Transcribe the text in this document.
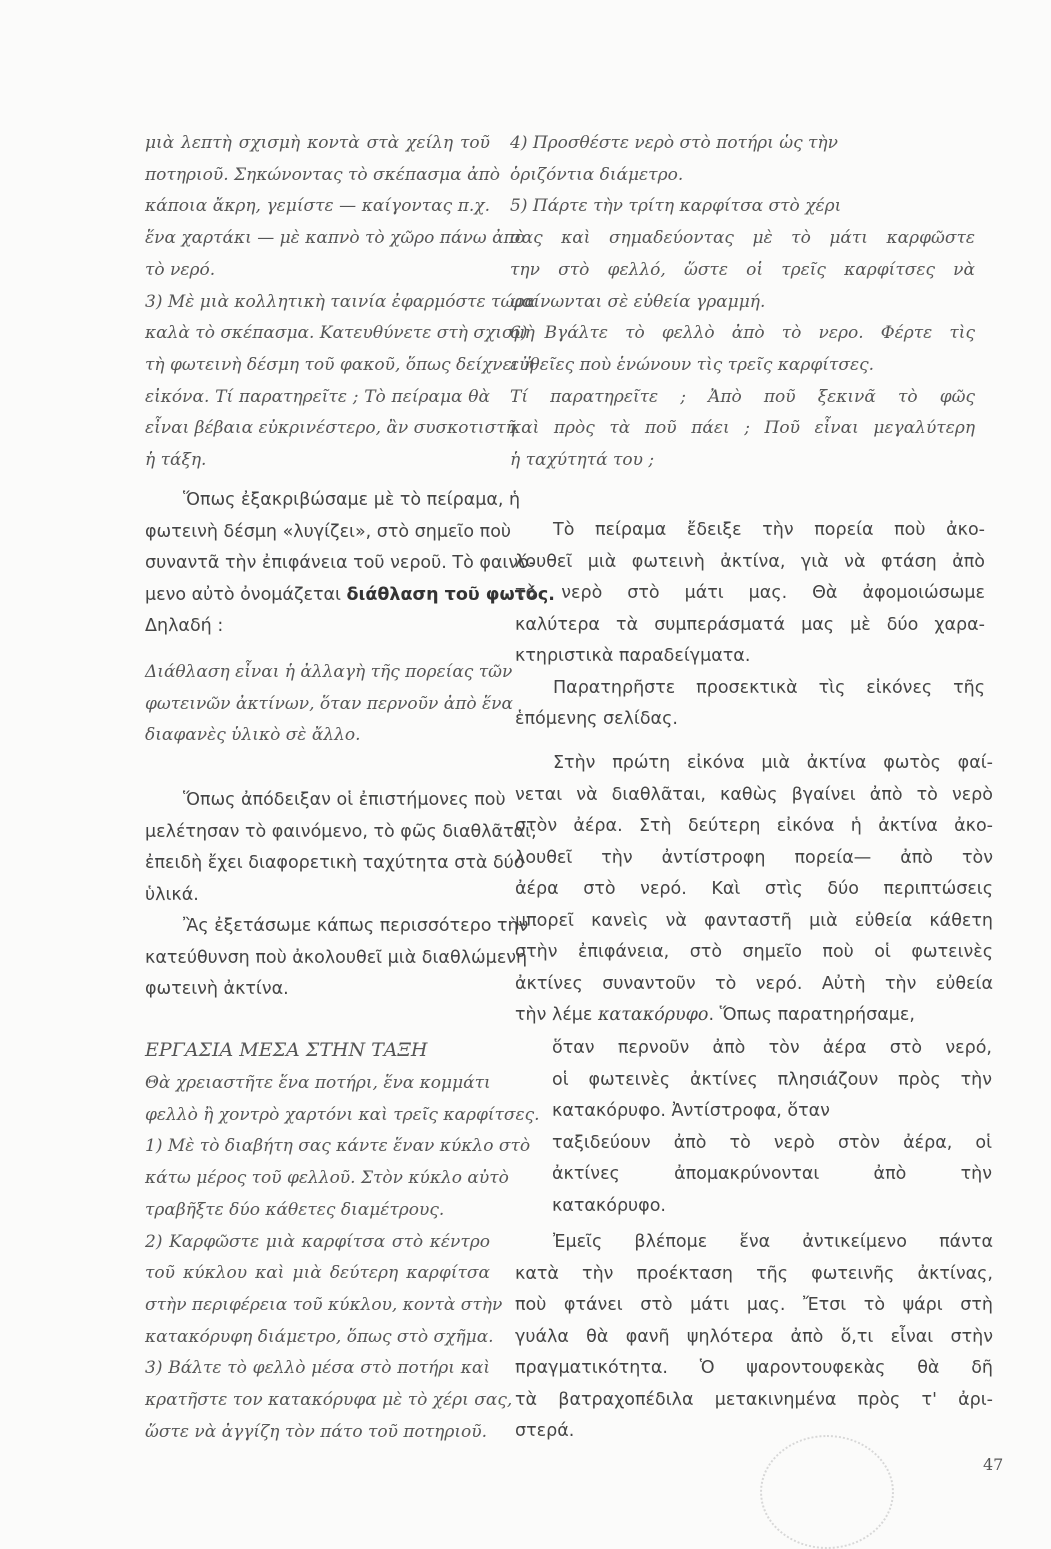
μιὰ λεπτὴ σχισμὴ κοντὰ στὰ χείλη τοῦ
ποτηριοῦ. Σηκώνοντας τὸ σκέπασμα ἀπὸ
κάποια ἄκρη, γεμίστε — καίγοντας π.χ.
ἕνα χαρτάκι — μὲ καπνὸ τὸ χῶρο πάνω ἀπὸ
τὸ νερό.
3) Μὲ μιὰ κολλητικὴ ταινία ἐφαρμόστε τώρα
καλὰ τὸ σκέπασμα. Κατευθύνετε στὴ σχισμὴ
τὴ φωτεινὴ δέσμη τοῦ φακοῦ, ὅπως δείχνει ἡ
εἰκόνα. Τί παρατηρεῖτε ; Τὸ πείραμα θὰ
εἶναι βέβαια εὐκρινέστερο, ἂν συσκοτιστῆ
ἡ τάξη.
Ὅπως ἐξακριβώσαμε μὲ τὸ πείραμα, ἡ
φωτεινὴ δέσμη «λυγίζει», στὸ σημεῖο ποὺ
συναντᾶ τὴν ἐπιφάνεια τοῦ νεροῦ. Τὸ φαινό-
μενο αὐτὸ ὀνομάζεται διάθλαση τοῦ φωτός.
Δηλαδή :
Διάθλαση εἶναι ἡ ἀλλαγὴ τῆς πορείας τῶν
φωτεινῶν ἀκτίνων, ὅταν περνοῦν ἀπὸ ἕνα
διαφανὲς ὑλικὸ σὲ ἄλλο.
Ὅπως ἀπόδειξαν οἱ ἐπιστήμονες ποὺ
μελέτησαν τὸ φαινόμενο, τὸ φῶς διαθλᾶται,
ἐπειδὴ ἔχει διαφορετικὴ ταχύτητα στὰ δύο
ὑλικά.
Ἂς ἐξετάσωμε κάπως περισσότερο τὴν
κατεύθυνση ποὺ ἀκολουθεῖ μιὰ διαθλώμενη
φωτεινὴ ἀκτίνα.
ΕΡΓΑΣΙΑ ΜΕΣΑ ΣΤΗΝ ΤΑΞΗ
Θὰ χρειαστῆτε ἕνα ποτήρι, ἕνα κομμάτι
φελλὸ ἢ χοντρὸ χαρτόνι καὶ τρεῖς καρφίτσες.
1) Μὲ τὸ διαβήτη σας κάντε ἕναν κύκλο στὸ
κάτω μέρος τοῦ φελλοῦ. Στὸν κύκλο αὐτὸ
τραβῆξτε δύο κάθετες διαμέτρους.
2) Καρφῶστε μιὰ καρφίτσα στὸ κέντρο
τοῦ κύκλου καὶ μιὰ δεύτερη καρφίτσα
στὴν περιφέρεια τοῦ κύκλου, κοντὰ στὴν
κατακόρυφη διάμετρο, ὅπως στὸ σχῆμα.
3) Βάλτε τὸ φελλὸ μέσα στὸ ποτήρι καὶ
κρατῆστε τον κατακόρυφα μὲ τὸ χέρι σας,
ὥστε νὰ ἀγγίζη τὸν πάτο τοῦ ποτηριοῦ.
4) Προσθέστε νερὸ στὸ ποτήρι ὡς τὴν
ὁριζόντια διάμετρο.
5) Πάρτε τὴν τρίτη καρφίτσα στὸ χέρι
σας καὶ σημαδεύοντας μὲ τὸ μάτι καρφῶστε
την στὸ φελλό, ὥστε οἱ τρεῖς καρφίτσες νὰ
φαίνωνται σὲ εὐθεία γραμμή.
6) Βγάλτε τὸ φελλὸ ἀπὸ τὸ νερο. Φέρτε τὶς
εὐθεῖες ποὺ ἑνώνουν τὶς τρεῖς καρφίτσες.
Τί παρατηρεῖτε ; Ἀπὸ ποῦ ξεκινᾶ τὸ φῶς
καὶ πρὸς τὰ ποῦ πάει ; Ποῦ εἶναι μεγαλύτερη
ἡ ταχύτητά του ;
Τὸ πείραμα ἔδειξε τὴν πορεία ποὺ ἀκο-
λουθεῖ μιὰ φωτεινὴ ἀκτίνα, γιὰ νὰ φτάση ἀπὸ
τὸ νερὸ στὸ μάτι μας. Θὰ ἀφομοιώσωμε
καλύτερα τὰ συμπεράσματά μας μὲ δύο χαρα-
κτηριστικὰ παραδείγματα.
Παρατηρῆστε προσεκτικὰ τὶς εἰκόνες τῆς
ἑπόμενης σελίδας.
Στὴν πρώτη εἰκόνα μιὰ ἀκτίνα φωτὸς φαί-
νεται νὰ διαθλᾶται, καθὼς βγαίνει ἀπὸ τὸ νερὸ
στὸν ἀέρα. Στὴ δεύτερη εἰκόνα ἡ ἀκτίνα ἀκο-
λουθεῖ τὴν ἀντίστροφη πορεία— ἀπὸ τὸν
ἀέρα στὸ νερό. Καὶ στὶς δύο περιπτώσεις
μπορεῖ κανεὶς νὰ φανταστῆ μιὰ εὐθεία κάθετη
στὴν ἐπιφάνεια, στὸ σημεῖο ποὺ οἱ φωτεινὲς
ἀκτίνες συναντοῦν τὸ νερό. Αὐτὴ τὴν εὐθεία
τὴν λέμε κατακόρυφο. Ὅπως παρατηρήσαμε,
ὅταν περνοῦν ἀπὸ τὸν ἀέρα στὸ νερό,
οἱ φωτεινὲς ἀκτίνες πλησιάζουν πρὸς τὴν
κατακόρυφο. Ἀντίστροφα, ὅταν
ταξιδεύουν ἀπὸ τὸ νερὸ στὸν ἀέρα, οἱ
ἀκτίνες ἀπομακρύνονται ἀπὸ τὴν
κατακόρυφο.
Ἐμεῖς βλέπομε ἕνα ἀντικείμενο πάντα
κατὰ τὴν προέκταση τῆς φωτεινῆς ἀκτίνας,
ποὺ φτάνει στὸ μάτι μας. Ἔτσι τὸ ψάρι στὴ
γυάλα θὰ φανῆ ψηλότερα ἀπὸ ὅ,τι εἶναι στὴν
πραγματικότητα. Ὁ ψαροντουφεκὰς θὰ δῆ
τὰ βατραχοπέδιλα μετακινημένα πρὸς τ' ἀρι-
στερά.
47
